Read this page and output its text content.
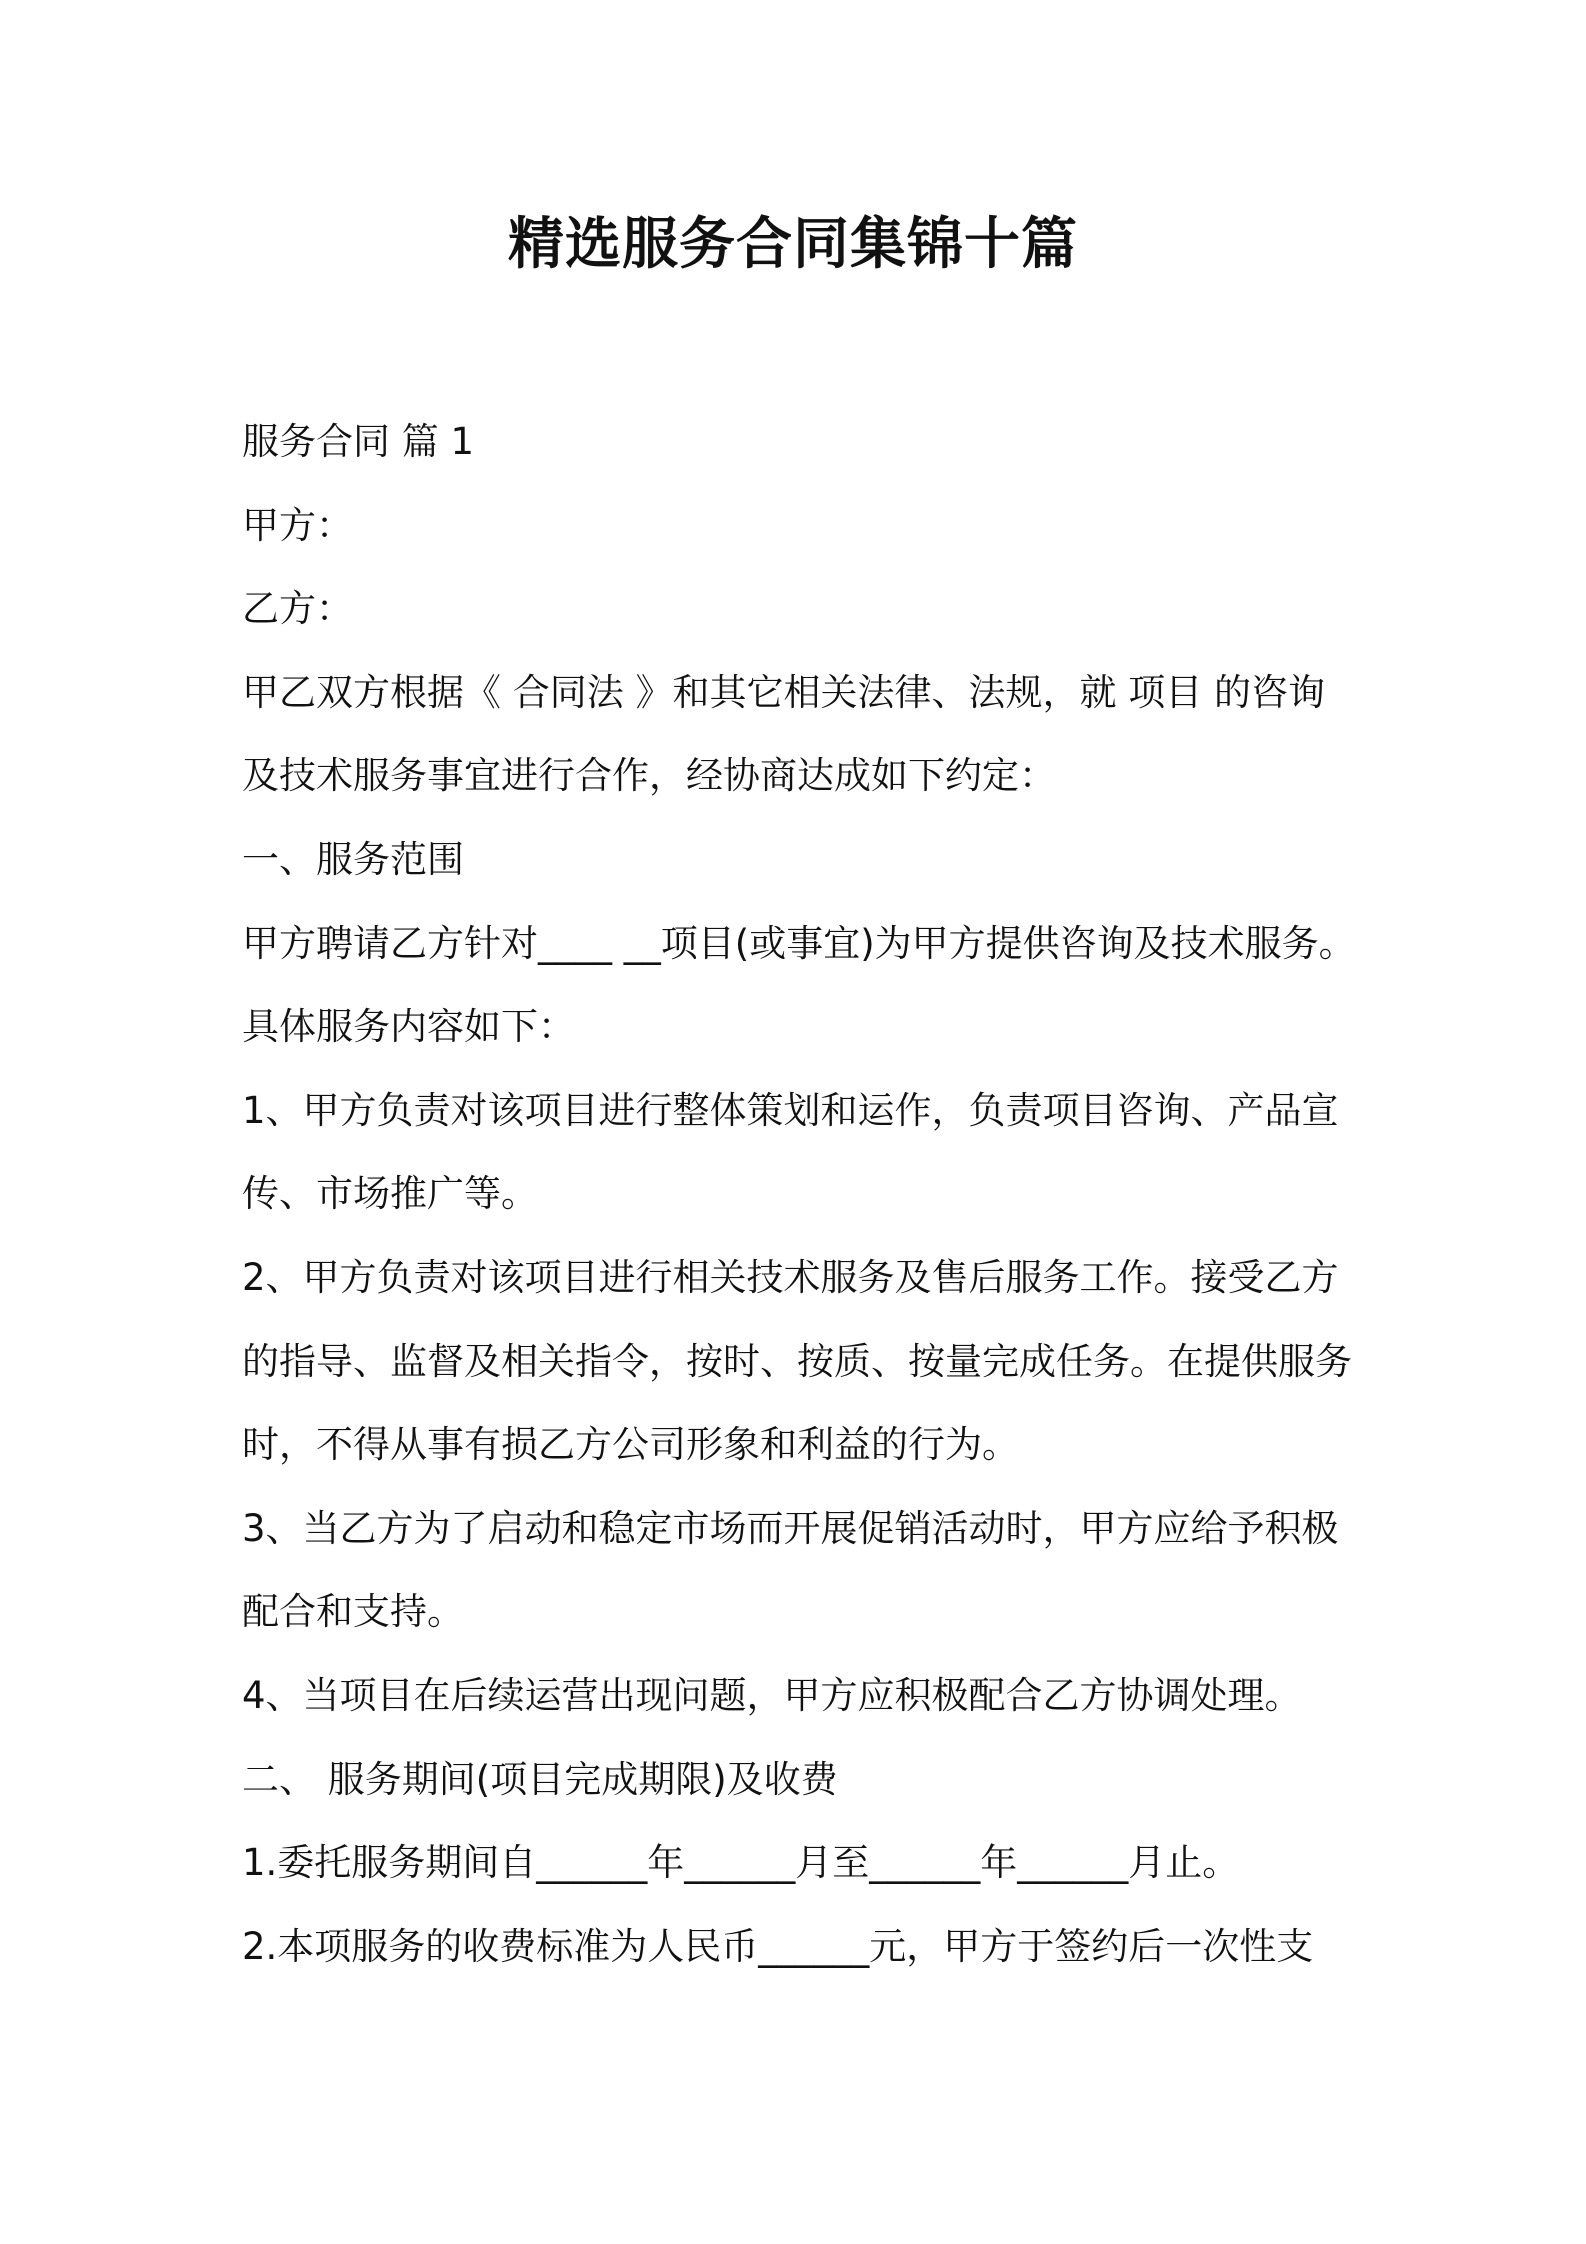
精选服务合同集锦十篇

服务合同 篇 1

甲方：

乙方：

甲乙双方根据《 合同法 》和其它相关法律、法规，就 项目 的咨询

及技术服务事宜进行合作，经协商达成如下约定：

一、服务范围

甲方聘请乙方针对____ __项目(或事宜)为甲方提供咨询及技术服务。

具体服务内容如下：

1、甲方负责对该项目进行整体策划和运作，负责项目咨询、产品宣

传、市场推广等。

2、甲方负责对该项目进行相关技术服务及售后服务工作。接受乙方

的指导、监督及相关指令，按时、按质、按量完成任务。在提供服务

时，不得从事有损乙方公司形象和利益的行为。

3、当乙方为了启动和稳定市场而开展促销活动时，甲方应给予积极

配合和支持。

4、当项目在后续运营出现问题，甲方应积极配合乙方协调处理。

二、 服务期间(项目完成期限)及收费

1.委托服务期间自______年______月至______年______月止。

2.本项服务的收费标准为人民币______元，甲方于签约后一次性支
